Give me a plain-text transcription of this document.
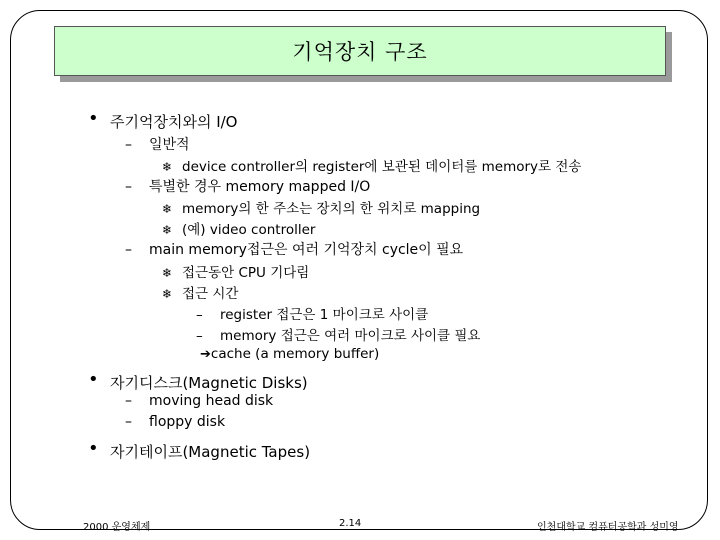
기억장치 구조
• 주기억장치와의 I/O
– 일반적
❄ device controller의 register에 보관된 데이터를 memory로 전송
– 특별한 경우 memory mapped I/O
❄ memory의 한 주소는 장치의 한 위치로 mapping
❄ (예) video controller
– main memory접근은 여러 기억장치 cycle이 필요
❄ 접근동안 CPU 기다림
❄ 접근 시간
– register 접근은 1 마이크로 사이클
– memory 접근은 여러 마이크로 사이클 필요
➔cache (a memory buffer)
• 자기디스크(Magnetic Disks)
– moving head disk
– floppy disk
• 자기테이프(Magnetic Tapes)
2000 운영체제	2.14	인천대학교 컴퓨터공학과 성미영
